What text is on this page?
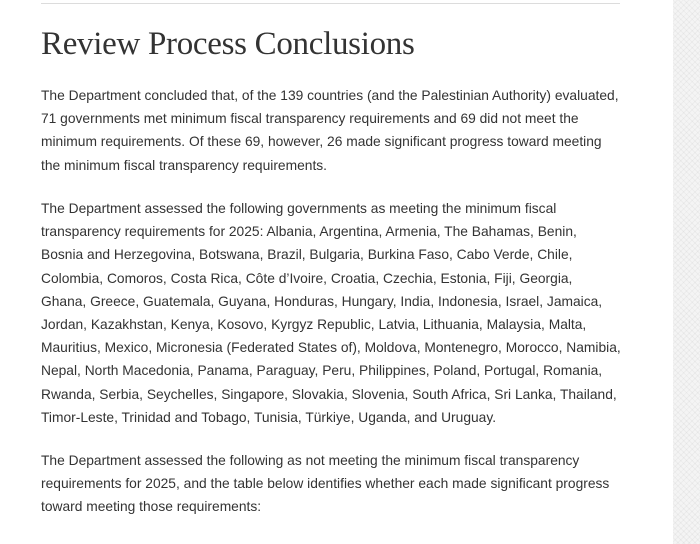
Review Process Conclusions

The Department concluded that, of the 139 countries (and the Palestinian Authority) evaluated, 71 governments met minimum fiscal transparency requirements and 69 did not meet the minimum requirements. Of these 69, however, 26 made significant progress toward meeting the minimum fiscal transparency requirements.

The Department assessed the following governments as meeting the minimum fiscal transparency requirements for 2025: Albania, Argentina, Armenia, The Bahamas, Benin, Bosnia and Herzegovina, Botswana, Brazil, Bulgaria, Burkina Faso, Cabo Verde, Chile, Colombia, Comoros, Costa Rica, Côte d’Ivoire, Croatia, Czechia, Estonia, Fiji, Georgia, Ghana, Greece, Guatemala, Guyana, Honduras, Hungary, India, Indonesia, Israel, Jamaica, Jordan, Kazakhstan, Kenya, Kosovo, Kyrgyz Republic, Latvia, Lithuania, Malaysia, Malta, Mauritius, Mexico, Micronesia (Federated States of), Moldova, Montenegro, Morocco, Namibia, Nepal, North Macedonia, Panama, Paraguay, Peru, Philippines, Poland, Portugal, Romania, Rwanda, Serbia, Seychelles, Singapore, Slovakia, Slovenia, South Africa, Sri Lanka, Thailand, Timor-Leste, Trinidad and Tobago, Tunisia, Türkiye, Uganda, and Uruguay.

The Department assessed the following as not meeting the minimum fiscal transparency requirements for 2025, and the table below identifies whether each made significant progress toward meeting those requirements:
